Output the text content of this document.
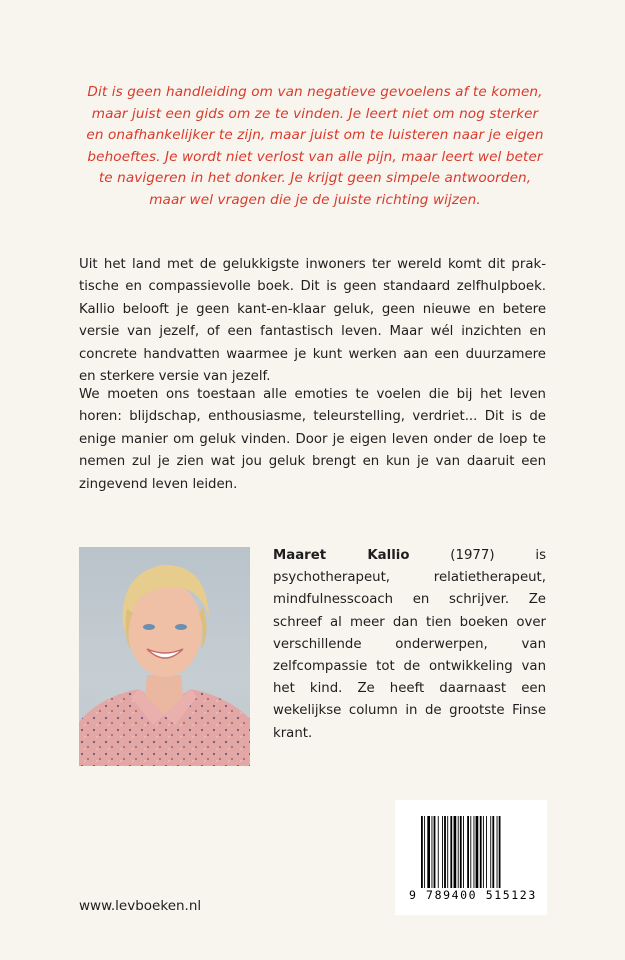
Dit is geen handleiding om van negatieve gevoelens af te komen,

maar juist een gids om ze te vinden. Je leert niet om nog sterker

en onafhankelijker te zijn, maar juist om te luisteren naar je eigen

behoeftes. Je wordt niet verlost van alle pijn, maar leert wel beter

te navigeren in het donker. Je krijgt geen simpele antwoorden,

maar wel vragen die je de juiste richting wijzen.

Uit het land met de gelukkigste inwoners ter wereld komt dit praktische en compassievolle boek. Dit is geen standaard zelfhulpboek. Kallio belooft je geen kant-en-klaar geluk, geen nieuwe en betere versie van jezelf, of een fantastisch leven. Maar wél inzichten en concrete handvatten waarmee je kunt werken aan een duurzamere en sterkere versie van jezelf.

We moeten ons toestaan alle emoties te voelen die bij het leven horen: blijdschap, enthousiasme, teleurstelling, verdriet... Dit is de enige manier om geluk vinden. Door je eigen leven onder de loep te nemen zul je zien wat jou geluk brengt en kun je van daaruit een zingevend leven leiden.

Maaret Kallio (1977) is psychotherapeut, relatietherapeut, mindfulnesscoach en schrijver. Ze schreef al meer dan tien boeken over verschillende onderwerpen, van zelfcompassie tot de ontwikkeling van het kind. Ze heeft daarnaast een wekelijkse column in de grootste Finse krant.

9 789400 515123

www.levboeken.nl
